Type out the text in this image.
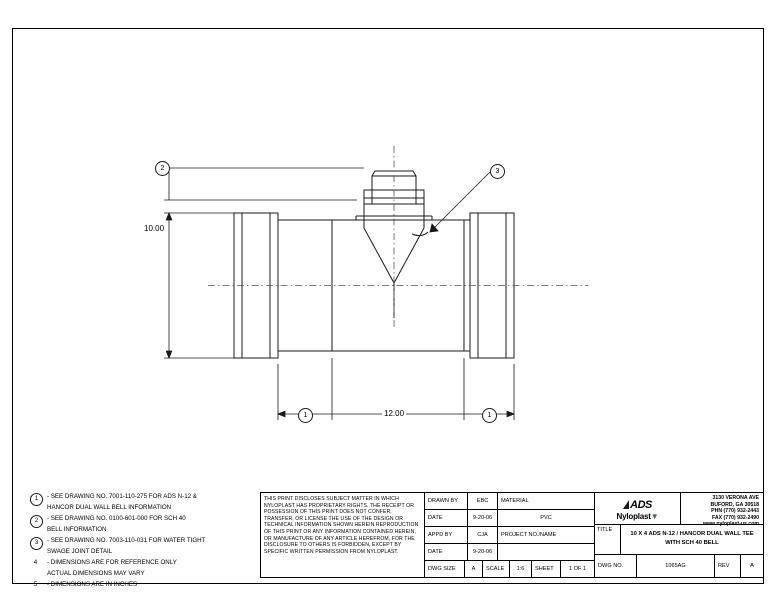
10.00
12.00
2	3
1	1
1	- SEE DRAWING NO. 7001-110-275 FOR ADS N-12 &
HANCOR DUAL WALL BELL INFORMATION
2	- SEE DRAWING NO. 0100-601-000 FOR SCH 40
BELL INFORMATION
3	- SEE DRAWING NO. 7003-110-031 FOR WATER TIGHT
SWAGE JOINT DETAIL
4	- DIMENSIONS ARE FOR REFERENCE ONLY
ACTUAL DIMENSIONS MAY VARY
5	- DIMENSIONS ARE IN INCHES
THIS PRINT DISCLOSES SUBJECT MATTER IN WHICH NYLOPLAST HAS PROPRIETARY RIGHTS. THE RECEIPT OR POSSESSION OF THIS PRINT DOES NOT CONFER, TRANSFER, OR LICENSE THE USE OF THE DESIGN OR TECHNICAL INFORMATION SHOWN HEREIN REPRODUCTION OF THIS PRINT OR ANY INFORMATION CONTAINED HEREIN, OR MANUFACTURE OF ANY ARTICLE HEREFROM, FOR THE DISCLOSURE TO OTHERS IS FORBIDDEN, EXCEPT BY SPECIFIC WRITTEN PERMISSION FROM NYLOPLAST.
DRAWN BY	EBC	MATERIAL
DATE	9-20-06	PVC
APPD BY	CJA	PROJECT NO./NAME
DATE	9-20-06
DWG SIZE	A	SCALE	1:6	SHEET	1 OF 1
ADS
Nyloplast▼
3130 VERONA AVE
BUFORD, GA 30518
PHN (770) 932-2443
FAX (770) 932-2490
www.nyloplast-us.com
TITLE
10 X 4 ADS N-12 / HANCOR DUAL WALL TEE
WITH SCH 40 BELL
DWG NO.	1065AG	REV	A
